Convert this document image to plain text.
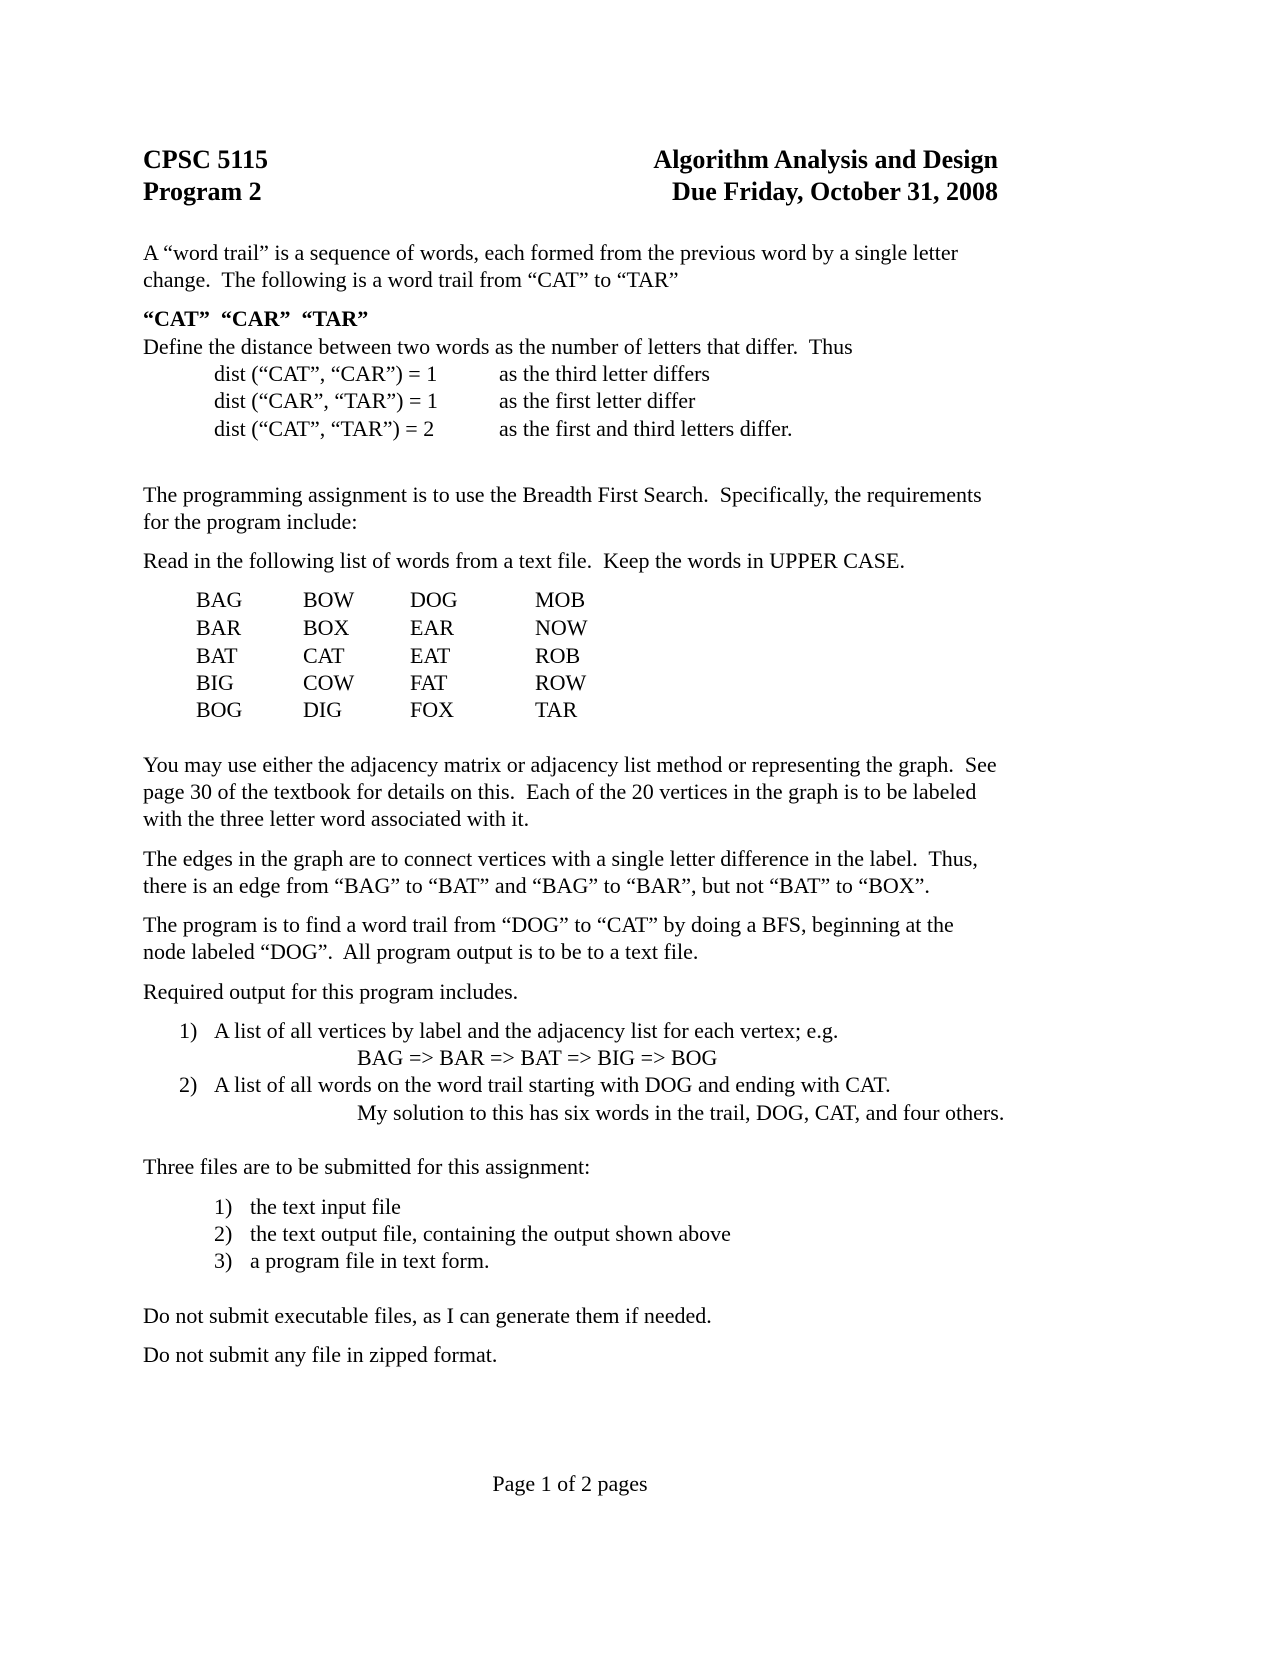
CPSC 5115
Program 2
Algorithm Analysis and Design
Due Friday, October 31, 2008
A “word trail” is a sequence of words, each formed from the previous word by a single letter
change.  The following is a word trail from “CAT” to “TAR”
“CAT”  “CAR”  “TAR”
Define the distance between two words as the number of letters that differ.  Thus
dist (“CAT”, “CAR”) = 1	as the third letter differs
dist (“CAR”, “TAR”) = 1	as the first letter differ
dist (“CAT”, “TAR”) = 2	as the first and third letters differ.
The programming assignment is to use the Breadth First Search.  Specifically, the requirements
for the program include:
Read in the following list of words from a text file.  Keep the words in UPPER CASE.
BAG	BOW	DOG	MOB
BAR	BOX	EAR	NOW
BAT	CAT	EAT	ROB
BIG	COW	FAT	ROW
BOG	DIG	FOX	TAR
You may use either the adjacency matrix or adjacency list method or representing the graph.  See
page 30 of the textbook for details on this.  Each of the 20 vertices in the graph is to be labeled
with the three letter word associated with it.
The edges in the graph are to connect vertices with a single letter difference in the label.  Thus,
there is an edge from “BAG” to “BAT” and “BAG” to “BAR”, but not “BAT” to “BOX”.
The program is to find a word trail from “DOG” to “CAT” by doing a BFS, beginning at the
node labeled “DOG”.  All program output is to be to a text file.
Required output for this program includes.
1) A list of all vertices by label and the adjacency list for each vertex; e.g.
BAG => BAR => BAT => BIG => BOG
2) A list of all words on the word trail starting with DOG and ending with CAT.
My solution to this has six words in the trail, DOG, CAT, and four others.
Three files are to be submitted for this assignment:
1) the text input file
2) the text output file, containing the output shown above
3) a program file in text form.
Do not submit executable files, as I can generate them if needed.
Do not submit any file in zipped format.
Page 1 of 2 pages
